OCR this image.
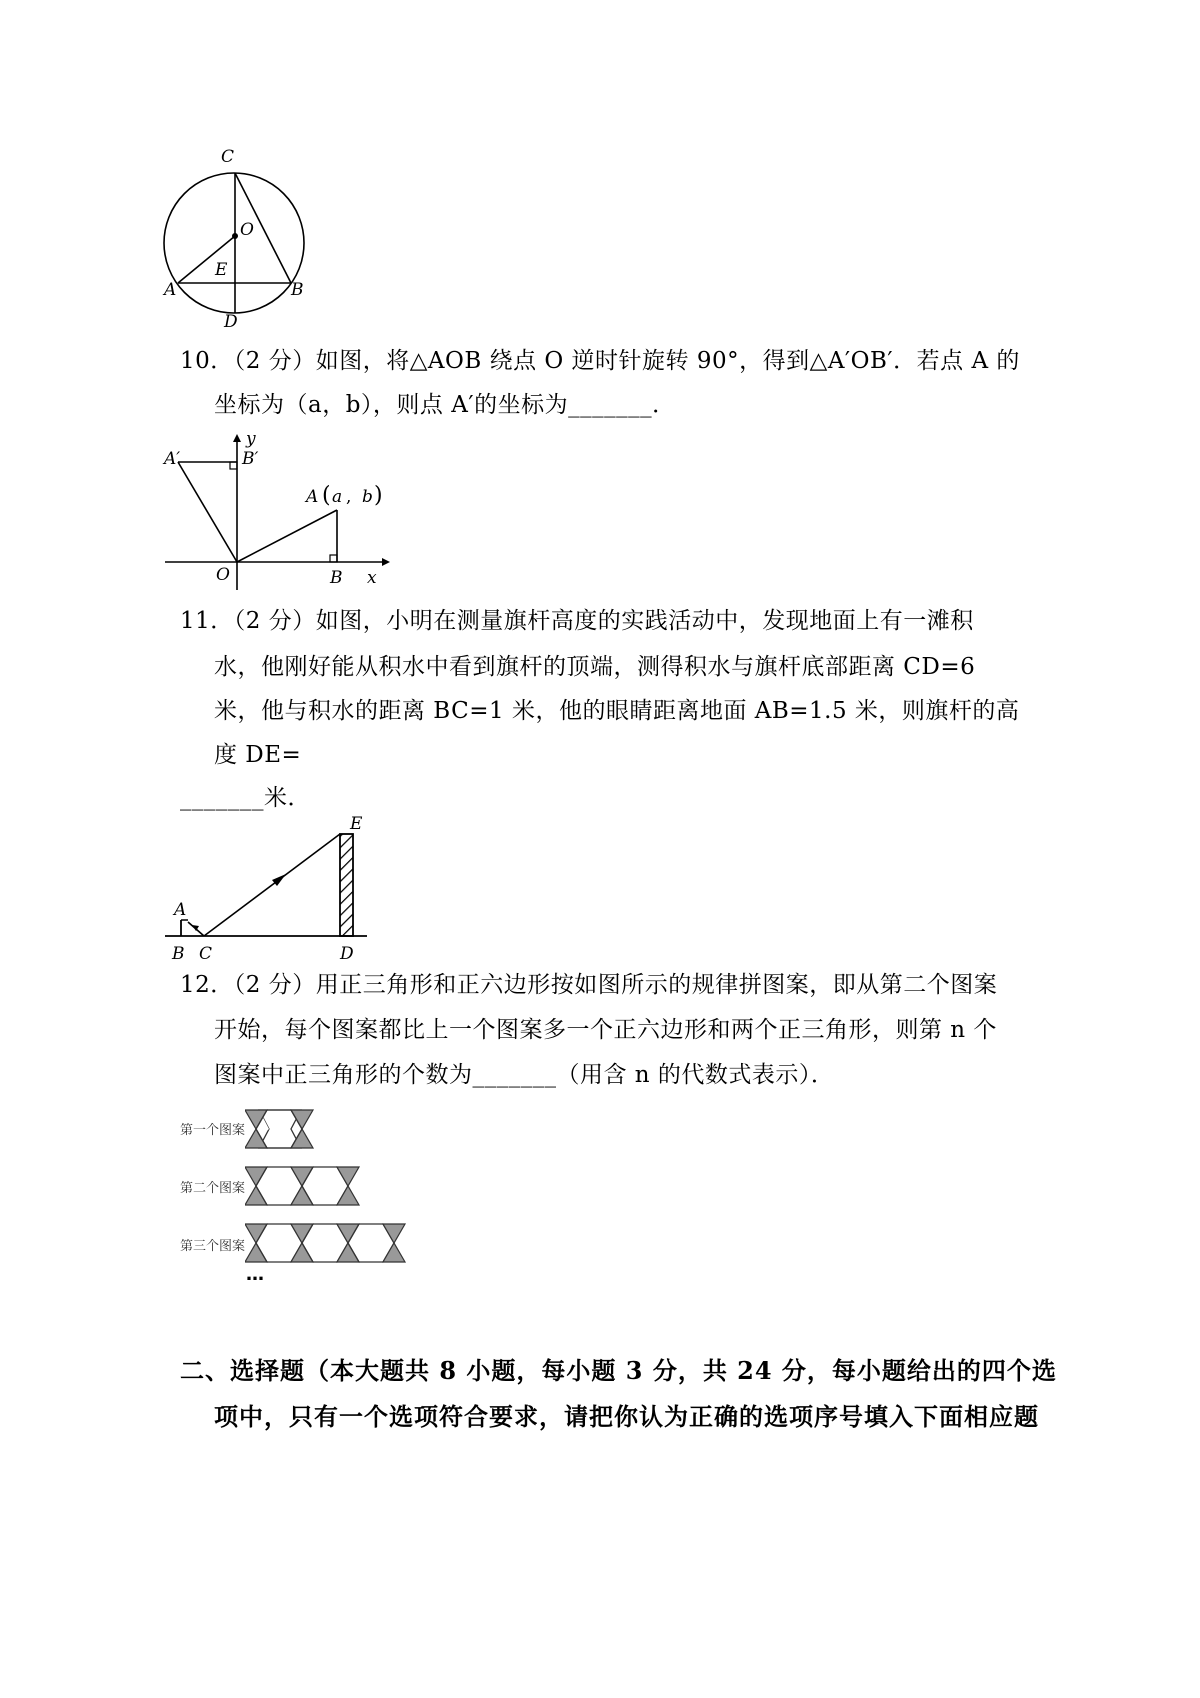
C
O
E
A	B
D
10．（2 分）如图，将△AOB 绕点 O 逆时针旋转 90°，得到△A′OB′．若点 A 的
坐标为（a，b），则点 A′的坐标为_______．
A′	B′
y
A ( a , b )
O	B x
11．（2 分）如图，小明在测量旗杆高度的实践活动中，发现地面上有一滩积
水，他刚好能从积水中看到旗杆的顶端，测得积水与旗杆底部距离 CD=6
米，他与积水的距离 BC=1 米，他的眼睛距离地面 AB=1.5 米，则旗杆的高
度 DE=
_______米．
E
A
B C	D
12．（2 分）用正三角形和正六边形按如图所示的规律拼图案，即从第二个图案
开始，每个图案都比上一个图案多一个正六边形和两个正三角形，则第 n 个
图案中正三角形的个数为_______（用含 n 的代数式表示）．
第一个图案
第二个图案
第三个图案
…
二、选择题（本大题共 8 小题，每小题 3 分，共 24 分，每小题给出的四个选
项中，只有一个选项符合要求，请把你认为正确的选项序号填入下面相应题
